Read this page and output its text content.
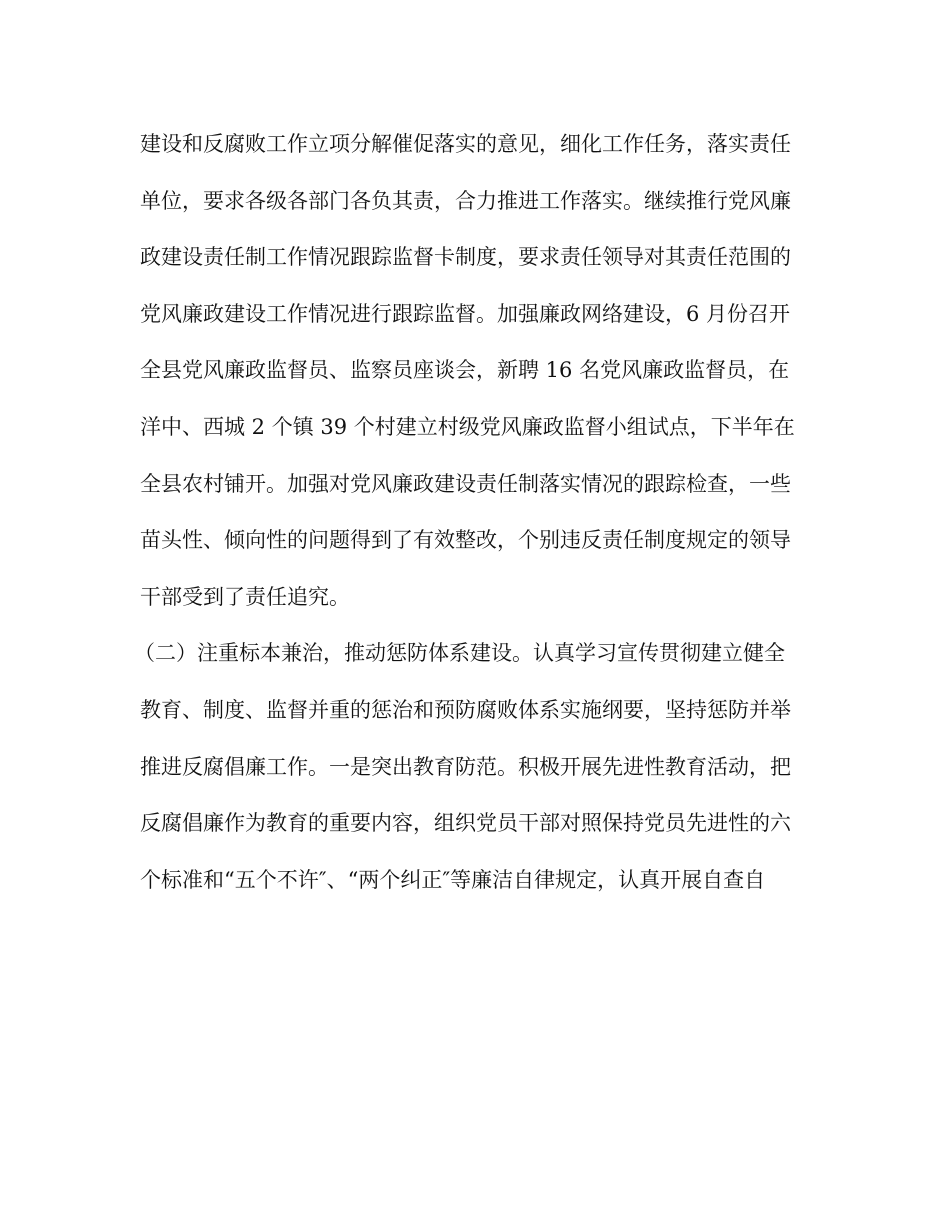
建设和反腐败工作立项分解催促落实的意见，细化工作任务，落实责任
单位，要求各级各部门各负其责，合力推进工作落实。继续推行党风廉
政建设责任制工作情况跟踪监督卡制度，要求责任领导对其责任范围的
党风廉政建设工作情况进行跟踪监督。加强廉政网络建设，6 月份召开
全县党风廉政监督员、监察员座谈会，新聘 16 名党风廉政监督员，在
洋中、西城 2 个镇 39 个村建立村级党风廉政监督小组试点，下半年在
全县农村铺开。加强对党风廉政建设责任制落实情况的跟踪检查，一些
苗头性、倾向性的问题得到了有效整改，个别违反责任制度规定的领导
干部受到了责任追究。
（二）注重标本兼治，推动惩防体系建设。认真学习宣传贯彻建立健全
教育、制度、监督并重的惩治和预防腐败体系实施纲要，坚持惩防并举
推进反腐倡廉工作。一是突出教育防范。积极开展先进性教育活动，把
反腐倡廉作为教育的重要内容，组织党员干部对照保持党员先进性的六
个标准和“五个不许″、“两个纠正″等廉洁自律规定，认真开展自查自
